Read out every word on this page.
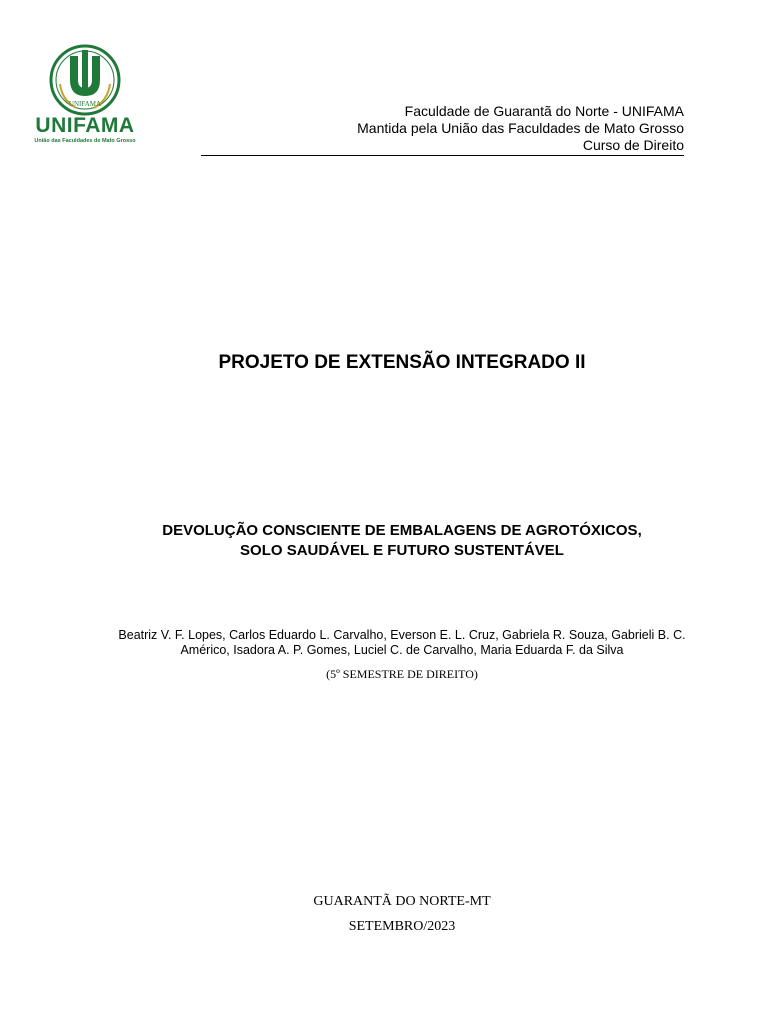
UNIFAMA
UNIFAMA
União das Faculdades de Mato Grosso
Faculdade de Guarantã do Norte - UNIFAMA
Mantida pela União das Faculdades de Mato Grosso
Curso de Direito
PROJETO DE EXTENSÃO INTEGRADO II
DEVOLUÇÃO CONSCIENTE DE EMBALAGENS DE AGROTÓXICOS,
SOLO SAUDÁVEL E FUTURO SUSTENTÁVEL
Beatriz V. F. Lopes, Carlos Eduardo L. Carvalho, Everson E. L. Cruz, Gabriela R. Souza, Gabrieli B. C. Américo, Isadora A. P. Gomes, Luciel C. de Carvalho, Maria Eduarda F. da Silva
(5º SEMESTRE DE DIREITO)
GUARANTÃ DO NORTE-MT
SETEMBRO/2023
